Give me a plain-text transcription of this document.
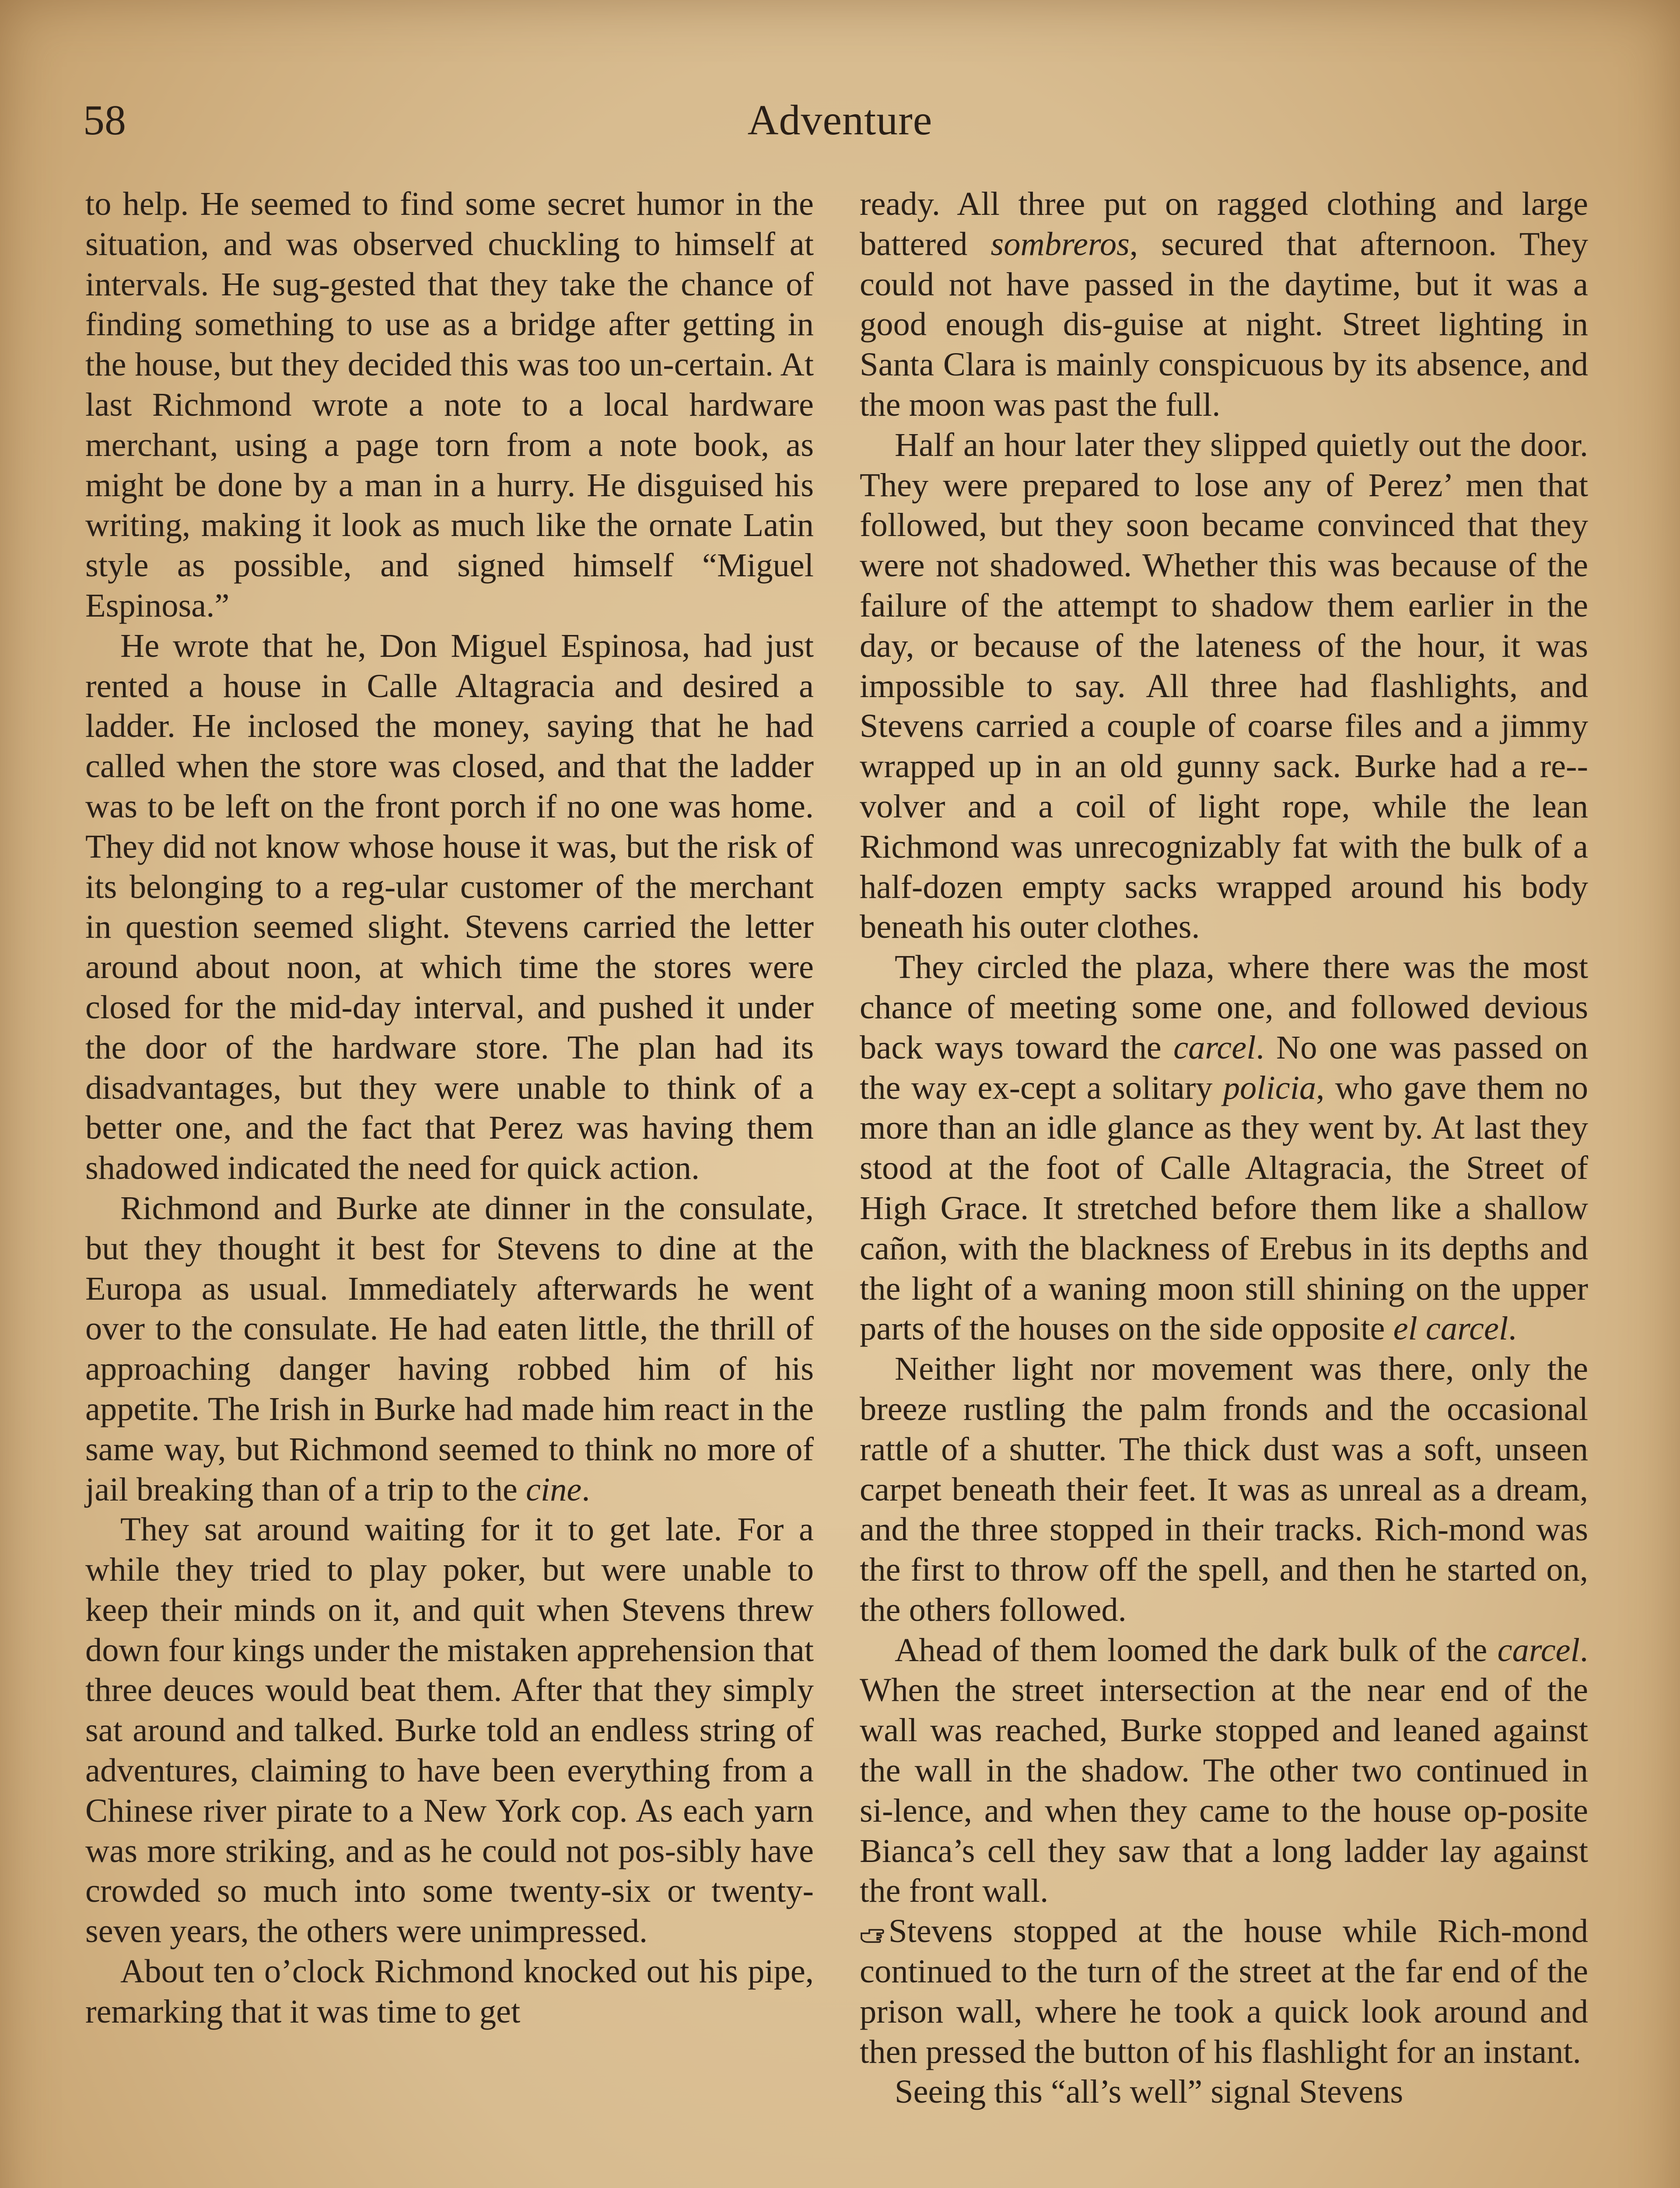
Adventure
58

to help. He seemed to find some secret humor in the situation, and was observed chuckling to himself at intervals. He sug-gested that they take the chance of finding something to use as a bridge after getting in the house, but they decided this was too un-certain. At last Richmond wrote a note to a local hardware merchant, using a page torn from a note book, as might be done by a man in a hurry. He disguised his writing, making it look as much like the ornate Latin style as possible, and signed himself “Miguel Espinosa.”

He wrote that he, Don Miguel Espinosa, had just rented a house in Calle Altagracia and desired a ladder. He inclosed the money, saying that he had called when the store was closed, and that the ladder was to be left on the front porch if no one was home. They did not know whose house it was, but the risk of its belonging to a reg-ular customer of the merchant in question seemed slight. Stevens carried the letter around about noon, at which time the stores were closed for the mid-day interval, and pushed it under the door of the hardware store. The plan had its disadvantages, but they were unable to think of a better one, and the fact that Perez was having them shadowed indicated the need for quick action.

Richmond and Burke ate dinner in the consulate, but they thought it best for Stevens to dine at the Europa as usual. Immediately afterwards he went over to the consulate. He had eaten little, the thrill of approaching danger having robbed him of his appetite. The Irish in Burke had made him react in the same way, but Richmond seemed to think no more of jail breaking than of a trip to the cine.

They sat around waiting for it to get late. For a while they tried to play poker, but were unable to keep their minds on it, and quit when Stevens threw down four kings under the mistaken apprehension that three deuces would beat them. After that they simply sat around and talked. Burke told an endless string of adventures, claiming to have been everything from a Chinese river pirate to a New York cop. As each yarn was more striking, and as he could not pos-sibly have crowded so much into some twenty-six or twenty-seven years, the others were unimpressed.

About ten o’clock Richmond knocked out his pipe, remarking that it was time to get

ready. All three put on ragged clothing and large battered sombreros, secured that afternoon. They could not have passed in the daytime, but it was a good enough dis-guise at night. Street lighting in Santa Clara is mainly conspicuous by its absence, and the moon was past the full.

Half an hour later they slipped quietly out the door. They were prepared to lose any of Perez’ men that followed, but they soon became convinced that they were not shadowed. Whether this was because of the failure of the attempt to shadow them earlier in the day, or because of the lateness of the hour, it was impossible to say. All three had flashlights, and Stevens carried a couple of coarse files and a jimmy wrapped up in an old gunny sack. Burke had a re-volver and a coil of light rope, while the lean Richmond was unrecognizably fat with the bulk of a half-dozen empty sacks wrapped around his body beneath his outer clothes.

They circled the plaza, where there was the most chance of meeting some one, and followed devious back ways toward the carcel. No one was passed on the way ex-cept a solitary policia, who gave them no more than an idle glance as they went by. At last they stood at the foot of Calle Altagracia, the Street of High Grace. It stretched before them like a shallow cañon, with the blackness of Erebus in its depths and the light of a waning moon still shining on the upper parts of the houses on the side opposite el carcel.

Neither light nor movement was there, only the breeze rustling the palm fronds and the occasional rattle of a shutter. The thick dust was a soft, unseen carpet beneath their feet. It was as unreal as a dream, and the three stopped in their tracks. Rich-mond was the first to throw off the spell, and then he started on, the others followed.

Ahead of them loomed the dark bulk of the carcel. When the street intersection at the near end of the wall was reached, Burke stopped and leaned against the wall in the shadow. The other two continued in si-lence, and when they came to the house op-posite Bianca’s cell they saw that a long ladder lay against the front wall.

Stevens stopped at the house while Rich-mond continued to the turn of the street at the far end of the prison wall, where he took a quick look around and then pressed the button of his flashlight for an instant.

Seeing this “all’s well” signal Stevens
